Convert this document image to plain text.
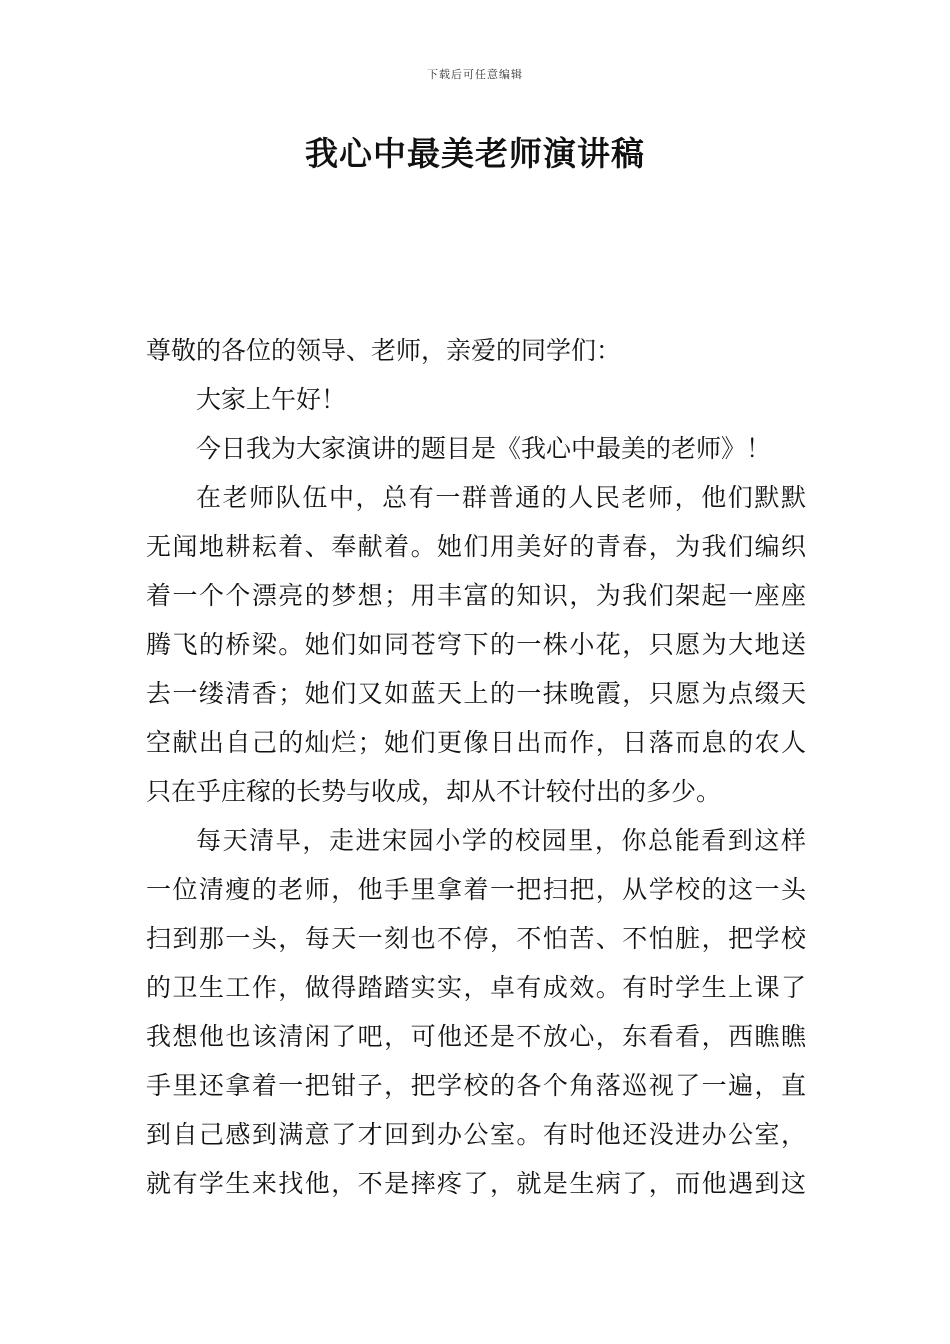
下载后可任意编辑
我心中最美老师演讲稿
尊敬的各位的领导、老师，亲爱的同学们：
大家上午好！
今日我为大家演讲的题目是《我心中最美的老师》！
在老师队伍中，总有一群普通的人民老师，他们默默
无闻地耕耘着、奉献着。她们用美好的青春，为我们编织
着一个个漂亮的梦想；用丰富的知识，为我们架起一座座
腾飞的桥梁。她们如同苍穹下的一株小花，只愿为大地送
去一缕清香；她们又如蓝天上的一抹晚霞，只愿为点缀天
空献出自己的灿烂；她们更像日出而作，日落而息的农人
只在乎庄稼的长势与收成，却从不计较付出的多少。
每天清早，走进宋园小学的校园里，你总能看到这样
一位清瘦的老师，他手里拿着一把扫把，从学校的这一头
扫到那一头，每天一刻也不停，不怕苦、不怕脏，把学校
的卫生工作，做得踏踏实实，卓有成效。有时学生上课了
我想他也该清闲了吧，可他还是不放心，东看看，西瞧瞧
手里还拿着一把钳子，把学校的各个角落巡视了一遍，直
到自己感到满意了才回到办公室。有时他还没进办公室，
就有学生来找他，不是摔疼了，就是生病了，而他遇到这
